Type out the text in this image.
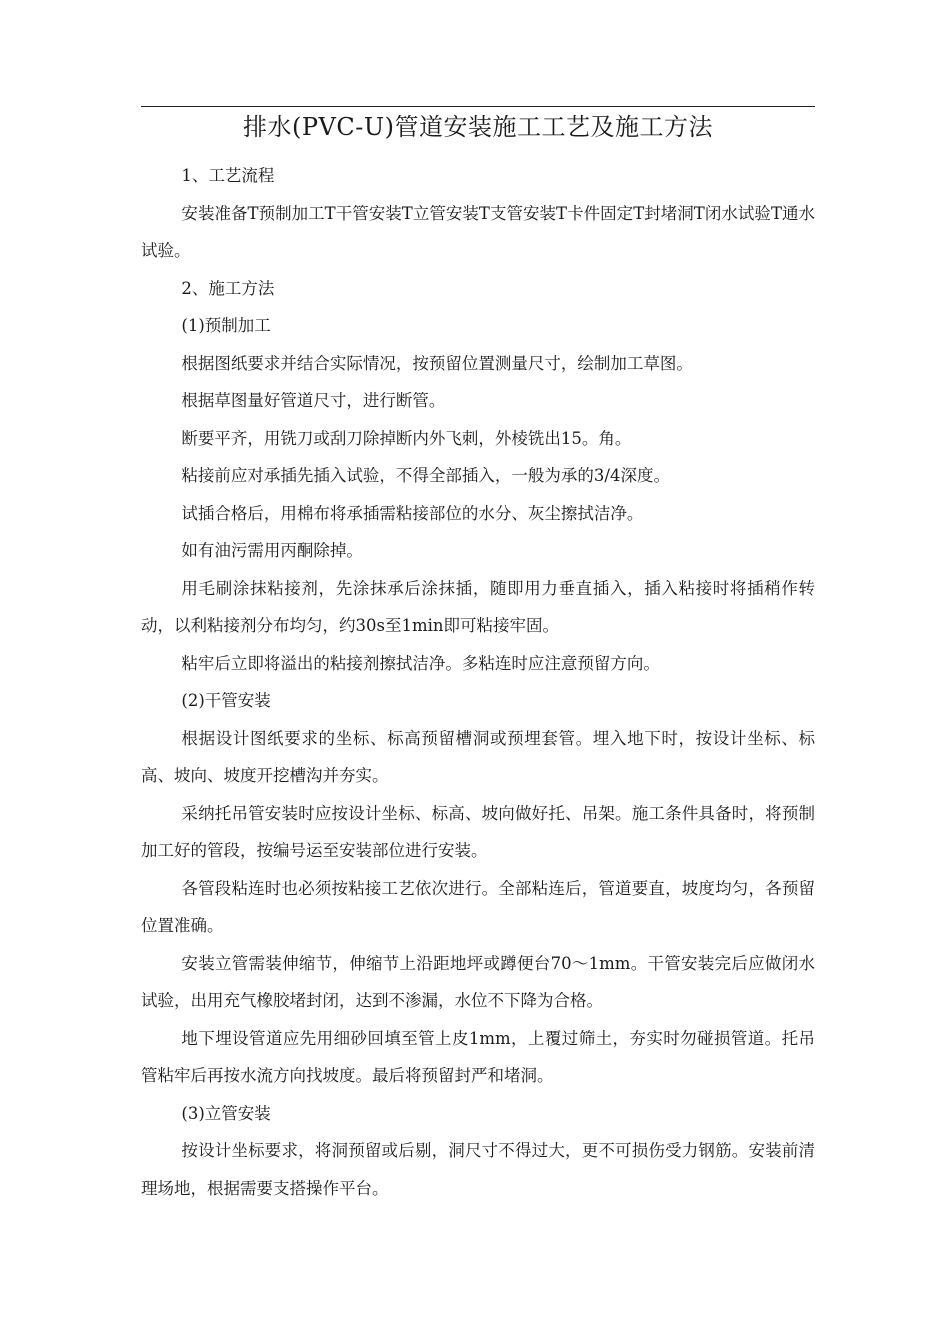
排水(PVC-U)管道安装施工工艺及施工方法

1、工艺流程

安装准备T预制加工T干管安装T立管安装T支管安装T卡件固定T封堵洞T闭水试验T通水试验。

2、施工方法

(1)预制加工

根据图纸要求并结合实际情况，按预留位置测量尺寸，绘制加工草图。

根据草图量好管道尺寸，进行断管。

断要平齐，用铣刀或刮刀除掉断内外飞刺，外棱铣出15。角。

粘接前应对承插先插入试验，不得全部插入，一般为承的3/4深度。

试插合格后，用棉布将承插需粘接部位的水分、灰尘擦拭洁净。

如有油污需用丙酮除掉。

用毛刷涂抹粘接剂，先涂抹承后涂抹插，随即用力垂直插入，插入粘接时将插稍作转动，以利粘接剂分布均匀，约30s至1min即可粘接牢固。

粘牢后立即将溢出的粘接剂擦拭洁净。多粘连时应注意预留方向。

(2)干管安装

根据设计图纸要求的坐标、标高预留槽洞或预埋套管。埋入地下时，按设计坐标、标高、坡向、坡度开挖槽沟并夯实。

采纳托吊管安装时应按设计坐标、标高、坡向做好托、吊架。施工条件具备时，将预制加工好的管段，按编号运至安装部位进行安装。

各管段粘连时也必须按粘接工艺依次进行。全部粘连后，管道要直，坡度均匀，各预留位置准确。

安装立管需装伸缩节，伸缩节上沿距地坪或蹲便台70〜1mm。干管安装完后应做闭水试验，出用充气橡胶堵封闭，达到不渗漏，水位不下降为合格。

地下埋设管道应先用细砂回填至管上皮1mm，上覆过筛土，夯实时勿碰损管道。托吊管粘牢后再按水流方向找坡度。最后将预留封严和堵洞。

(3)立管安装

按设计坐标要求，将洞预留或后剔，洞尺寸不得过大，更不可损伤受力钢筋。安装前清理场地，根据需要支搭操作平台。
